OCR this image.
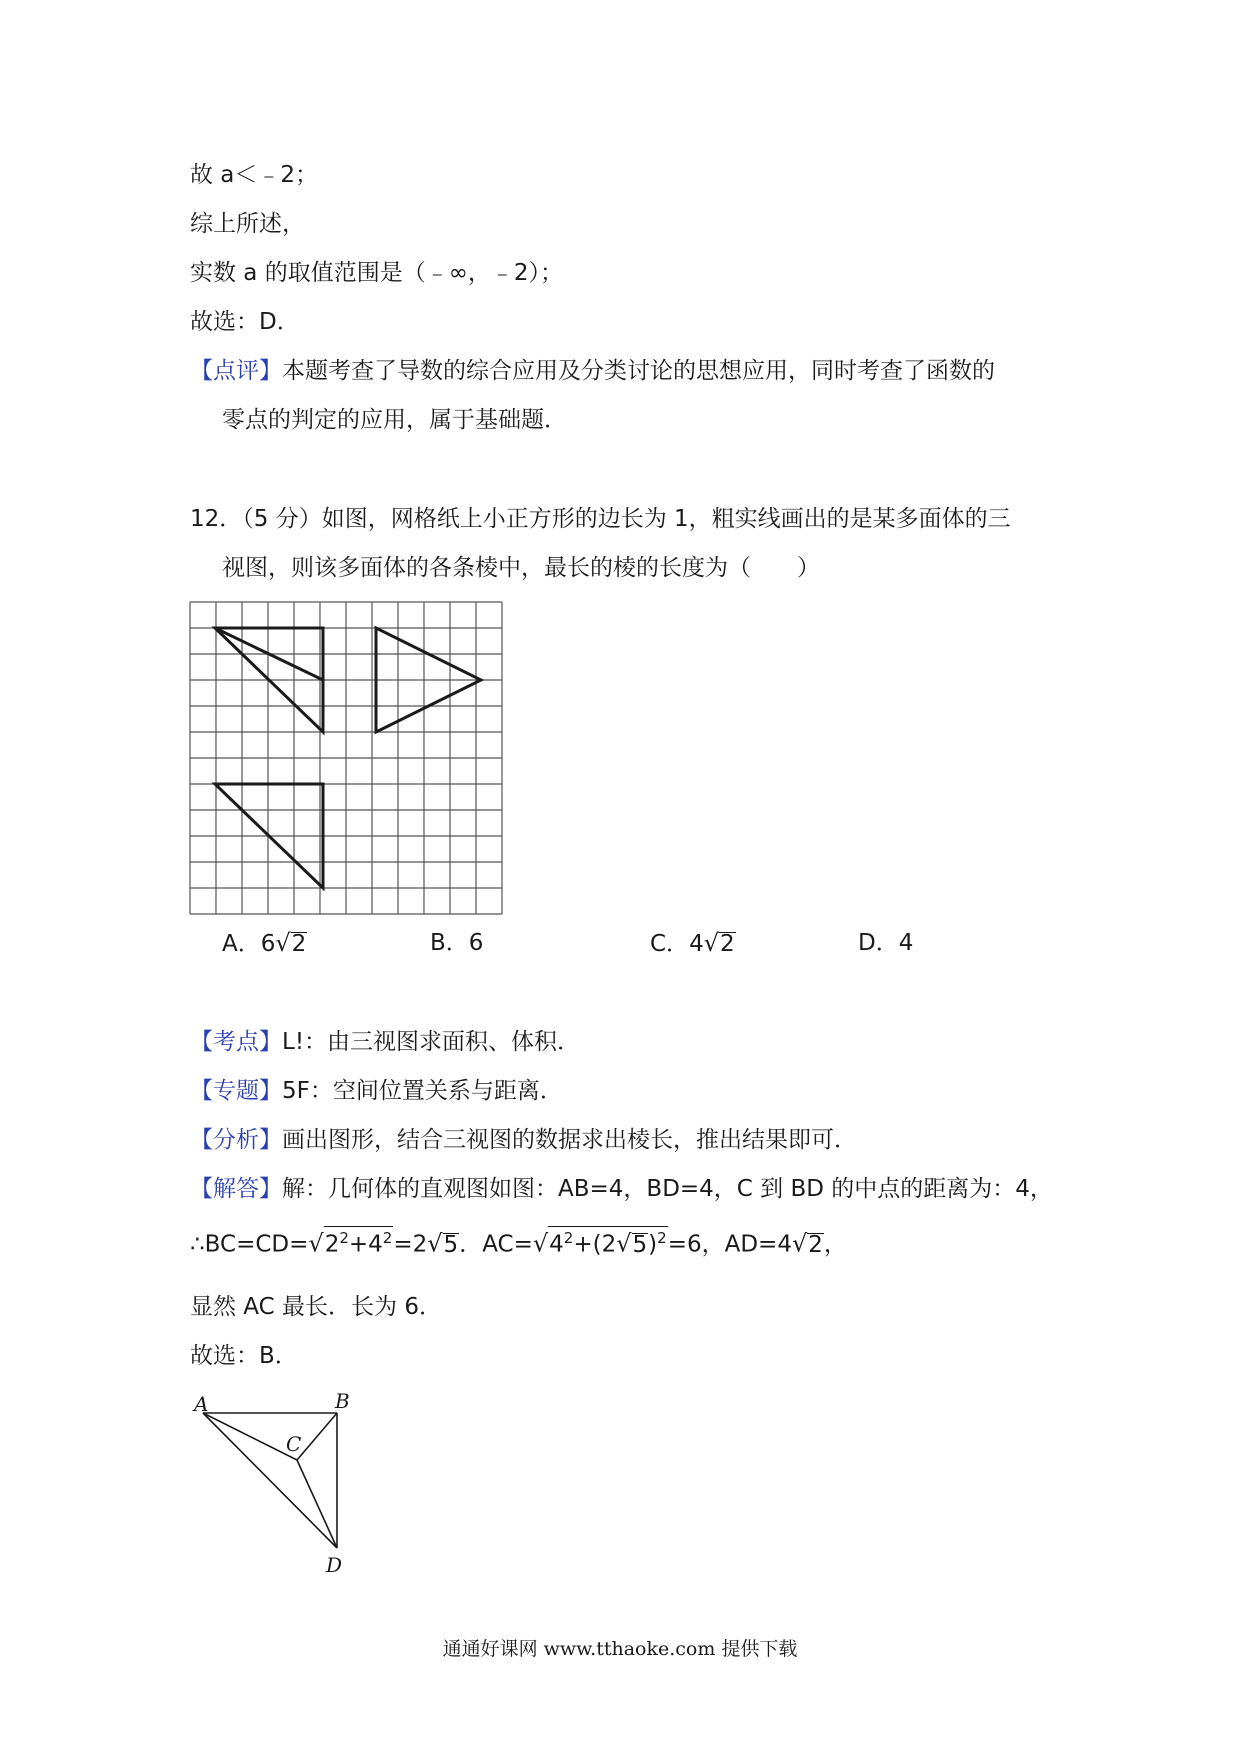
故 a＜﹣2；
综上所述，
实数 a 的取值范围是（﹣∞，﹣2）；
故选：D．
【点评】本题考查了导数的综合应用及分类讨论的思想应用，同时考查了函数的
零点的判定的应用，属于基础题．
12．（5 分）如图，网格纸上小正方形的边长为 1，粗实线画出的是某多面体的三
视图，则该多面体的各条棱中，最长的棱的长度为（　　）
A．6√2	B．6	C．4√2	D．4
【考点】L!：由三视图求面积、体积．
【专题】5F：空间位置关系与距离．
【分析】画出图形，结合三视图的数据求出棱长，推出结果即可．
【解答】解：几何体的直观图如图：AB=4，BD=4，C 到 BD 的中点的距离为：4，
$\therefore BC=CD=√2^2+4^2=2√5$．$AC=√4^2+(2√5)^2=6$，AD=4√2，
显然 AC 最长．长为 6．
故选：B．
A	B
C
D
通通好课网 www.tthaoke.com 提供下载
